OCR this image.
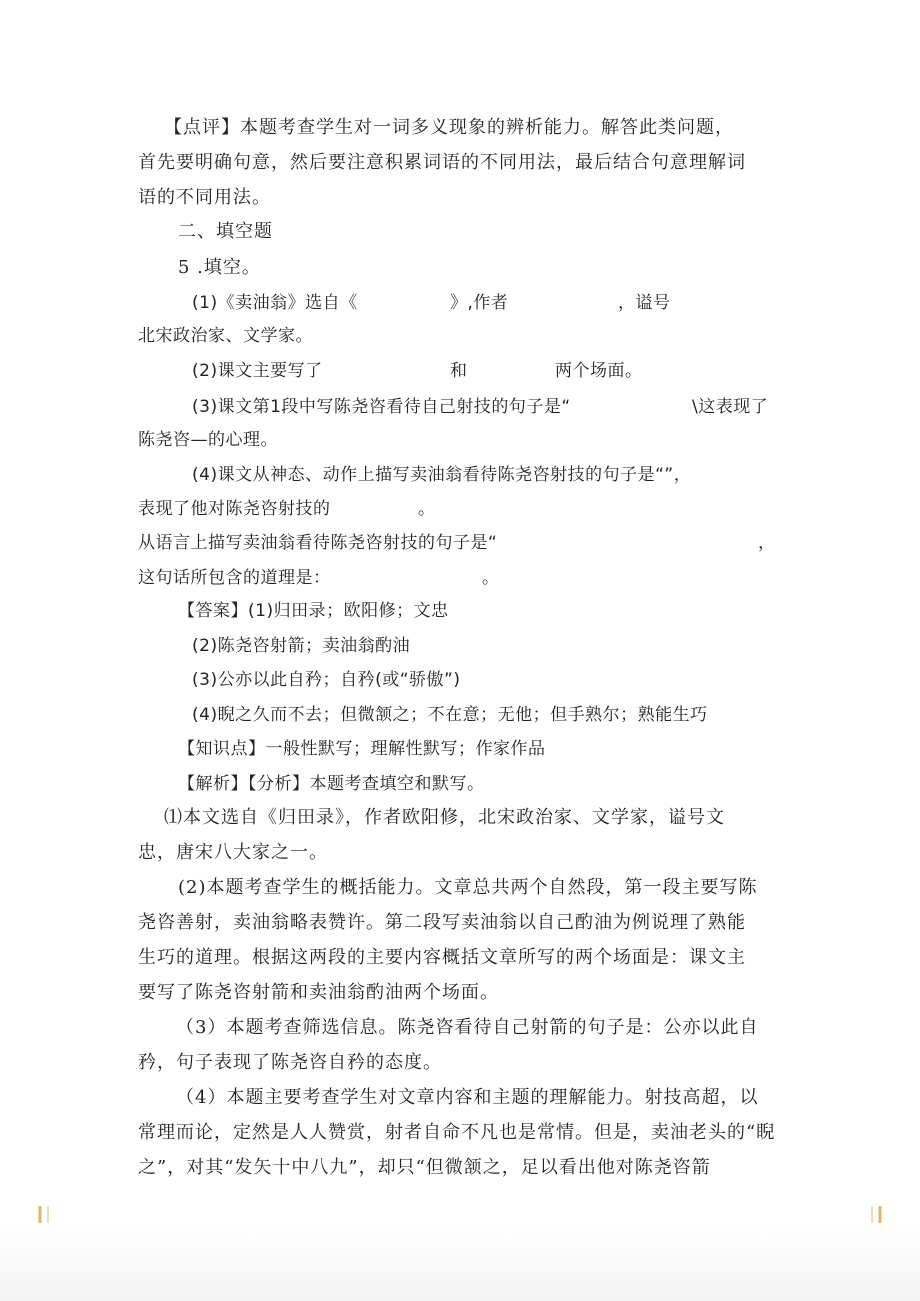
【点评】本题考查学生对一词多义现象的辨析能力。解答此类问题，
首先要明确句意，然后要注意积累词语的不同用法，最后结合句意理解词
语的不同用法。
二、填空题
5 .填空。
(1)《卖油翁》选自《	》,作者	，谥号
北宋政治家、文学家。
(2)课文主要写了	和	两个场面。
(3)课文第1段中写陈尧咨看待自己射技的句子是“	\这表现了
陈尧咨—的心理。
(4)课文从神态、动作上描写卖油翁看待陈尧咨射技的句子是“”，
表现了他对陈尧咨射技的	。
从语言上描写卖油翁看待陈尧咨射技的句子是“	，
这句话所包含的道理是：	。
【答案】(1)归田录；欧阳修；文忠
(2)陈尧咨射箭；卖油翁酌油
(3)公亦以此自矜；自矜(或“骄傲”)
(4)睨之久而不去；但微颔之；不在意；无他；但手熟尔；熟能生巧
【知识点】一般性默写；理解性默写；作家作品
【解析】【分析】本题考查填空和默写。
⑴本文选自《归田录》，作者欧阳修，北宋政治家、文学家，谥号文
忠，唐宋八大家之一。
(2)本题考查学生的概括能力。文章总共两个自然段，第一段主要写陈
尧咨善射，卖油翁略表赞许。第二段写卖油翁以自己酌油为例说理了熟能
生巧的道理。根据这两段的主要内容概括文章所写的两个场面是：课文主
要写了陈尧咨射箭和卖油翁酌油两个场面。
（3）本题考查筛选信息。陈尧咨看待自己射箭的句子是：公亦以此自
矜，句子表现了陈尧咨自矜的态度。
（4）本题主要考查学生对文章内容和主题的理解能力。射技高超，以
常理而论，定然是人人赞赏，射者自命不凡也是常情。但是，卖油老头的“睨
之”，对其“发矢十中八九”，却只“但微颔之，足以看出他对陈尧咨箭
